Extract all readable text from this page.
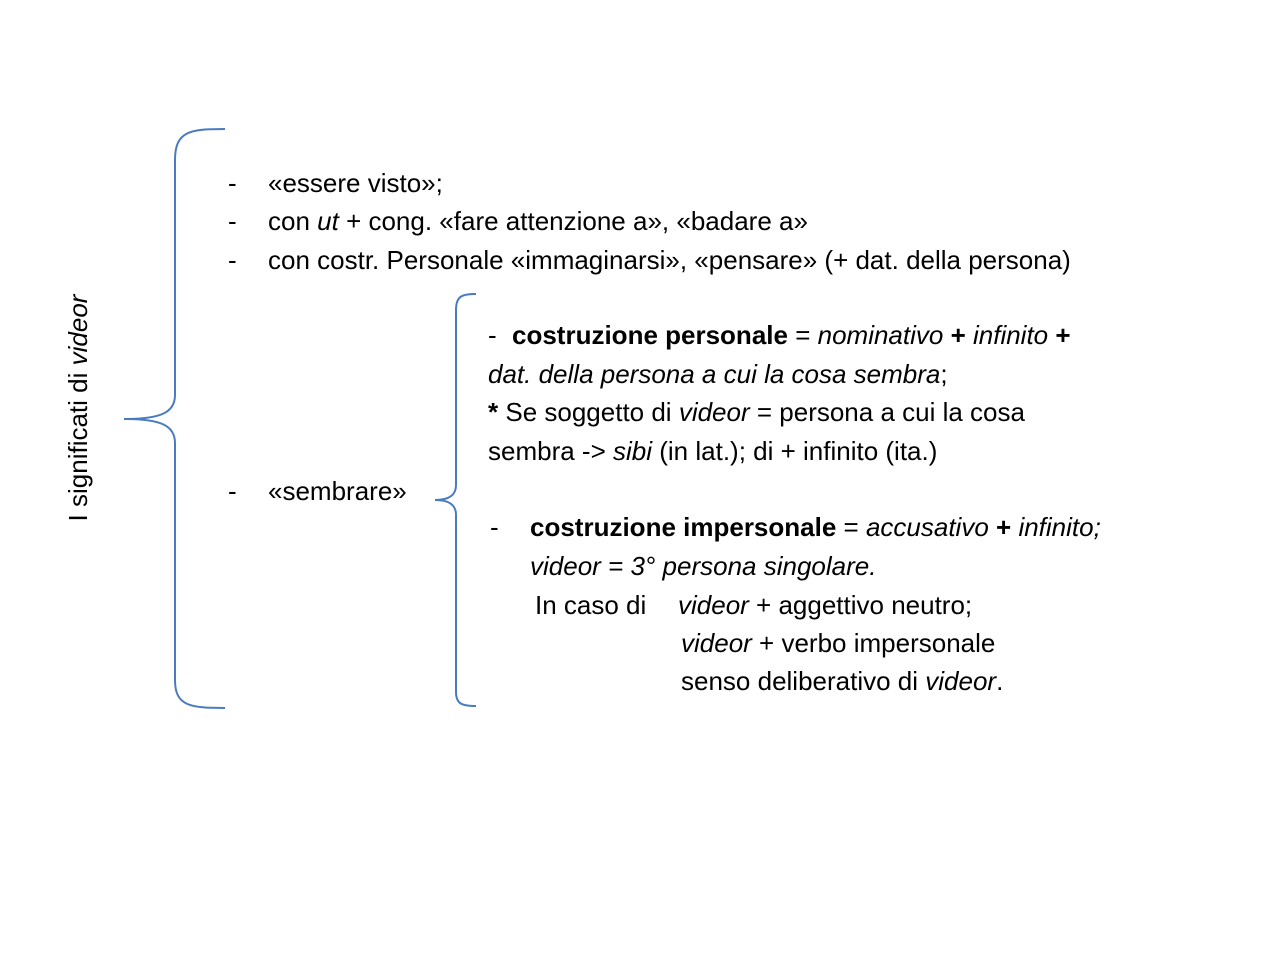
I significati di videor
- «essere visto»;
- con ut + cong. «fare attenzione a», «badare a»
- con costr. Personale «immaginarsi», «pensare» (+ dat. della persona)
- «sembrare»
- costruzione personale = nominativo + infinito +
dat. della persona a cui la cosa sembra;
* Se soggetto di videor = persona a cui la cosa
sembra -> sibi (in lat.); di + infinito (ita.)
- costruzione impersonale = accusativo + infinito;
videor = 3° persona singolare.
In caso di videor + aggettivo neutro;
videor + verbo impersonale
senso deliberativo di videor.
